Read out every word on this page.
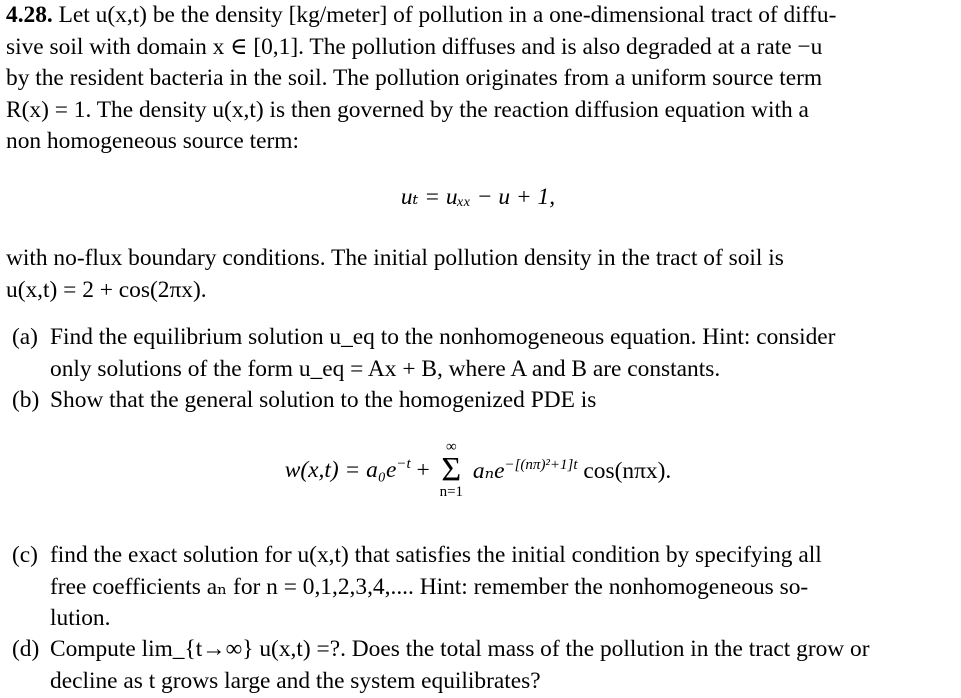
4.28. Let u(x,t) be the density [kg/meter] of pollution in a one-dimensional tract of diffu-
sive soil with domain x ∈ [0,1]. The pollution diffuses and is also degraded at a rate −u
by the resident bacteria in the soil. The pollution originates from a uniform source term
R(x) = 1. The density u(x,t) is then governed by the reaction diffusion equation with a
non homogeneous source term:

uₜ = uₓₓ − u + 1,

with no-flux boundary conditions. The initial pollution density in the tract of soil is
u(x,t) = 2 + cos(2πx).

(a) Find the equilibrium solution u_eq to the nonhomogeneous equation. Hint: consider
only solutions of the form u_eq = Ax + B, where A and B are constants.
(b) Show that the general solution to the homogenized PDE is
$w(x,t) = a_0e^{-t}$ +
∞
Σ
n=1
aₙe$^{-[(n\pi)^2+1]t}$ cos(nπx).
(c) find the exact solution for u(x,t) that satisfies the initial condition by specifying all
free coefficients aₙ for n = 0,1,2,3,4,.... Hint: remember the nonhomogeneous so-
lution.
(d) Compute lim_{t→∞} u(x,t) =?. Does the total mass of the pollution in the tract grow or
decline as t grows large and the system equilibrates?
